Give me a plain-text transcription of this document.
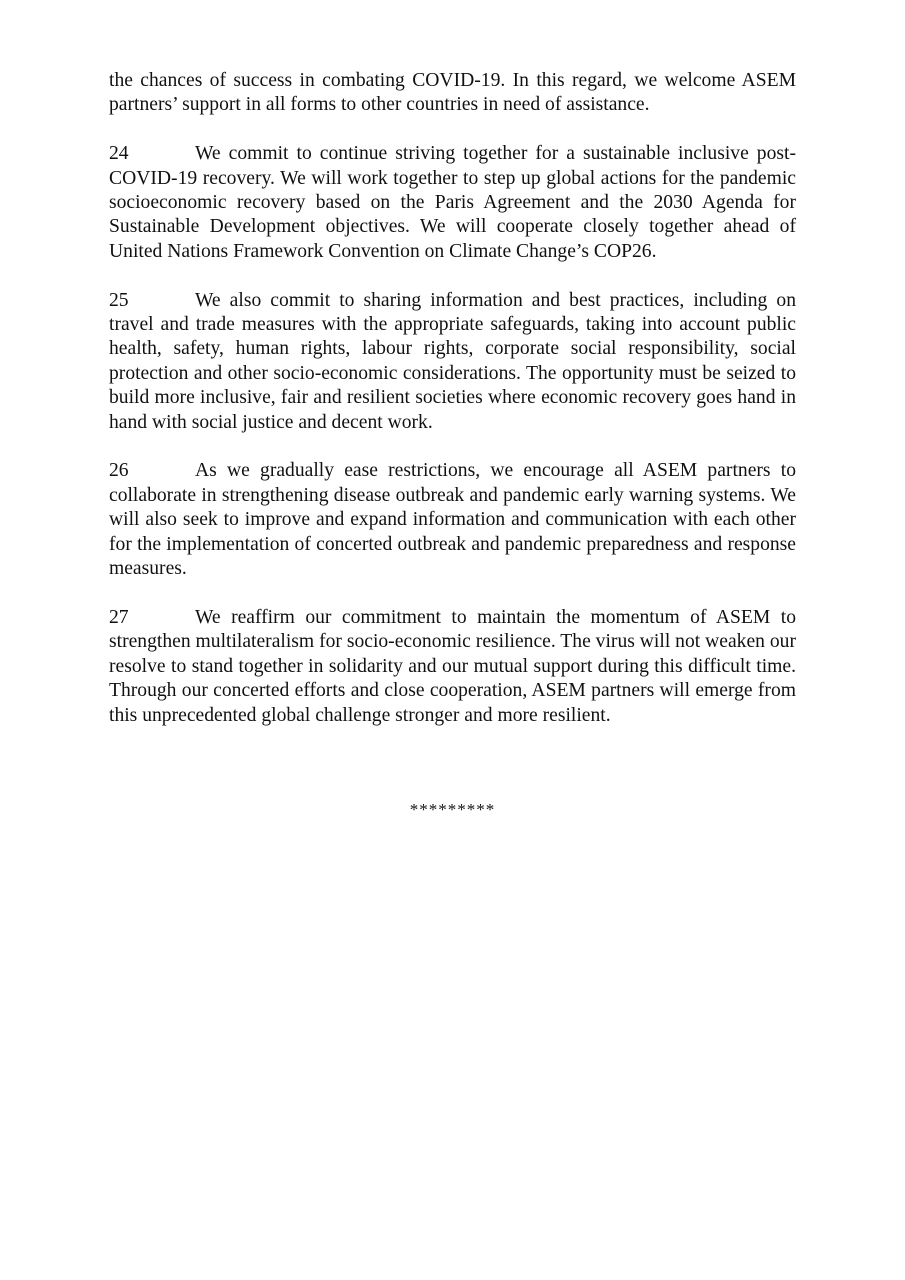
the chances of success in combating COVID-19. In this regard, we welcome ASEM partners’ support in all forms to other countries in need of assistance.

24	We commit to continue striving together for a sustainable inclusive post-COVID-19 recovery. We will work together to step up global actions for the pandemic socioeconomic recovery based on the Paris Agreement and the 2030 Agenda for Sustainable Development objectives. We will cooperate closely together ahead of United Nations Framework Convention on Climate Change’s COP26.

25	We also commit to sharing information and best practices, including on travel and trade measures with the appropriate safeguards, taking into account public health, safety, human rights, labour rights, corporate social responsibility, social protection and other socio-economic considerations. The opportunity must be seized to build more inclusive, fair and resilient societies where economic recovery goes hand in hand with social justice and decent work.

26	As we gradually ease restrictions, we encourage all ASEM partners to collaborate in strengthening disease outbreak and pandemic early warning systems. We will also seek to improve and expand information and communication with each other for the implementation of concerted outbreak and pandemic preparedness and response measures.

27	We reaffirm our commitment to maintain the momentum of ASEM to strengthen multilateralism for socio-economic resilience. The virus will not weaken our resolve to stand together in solidarity and our mutual support during this difficult time. Through our concerted efforts and close cooperation, ASEM partners will emerge from this unprecedented global challenge stronger and more resilient.

*********
